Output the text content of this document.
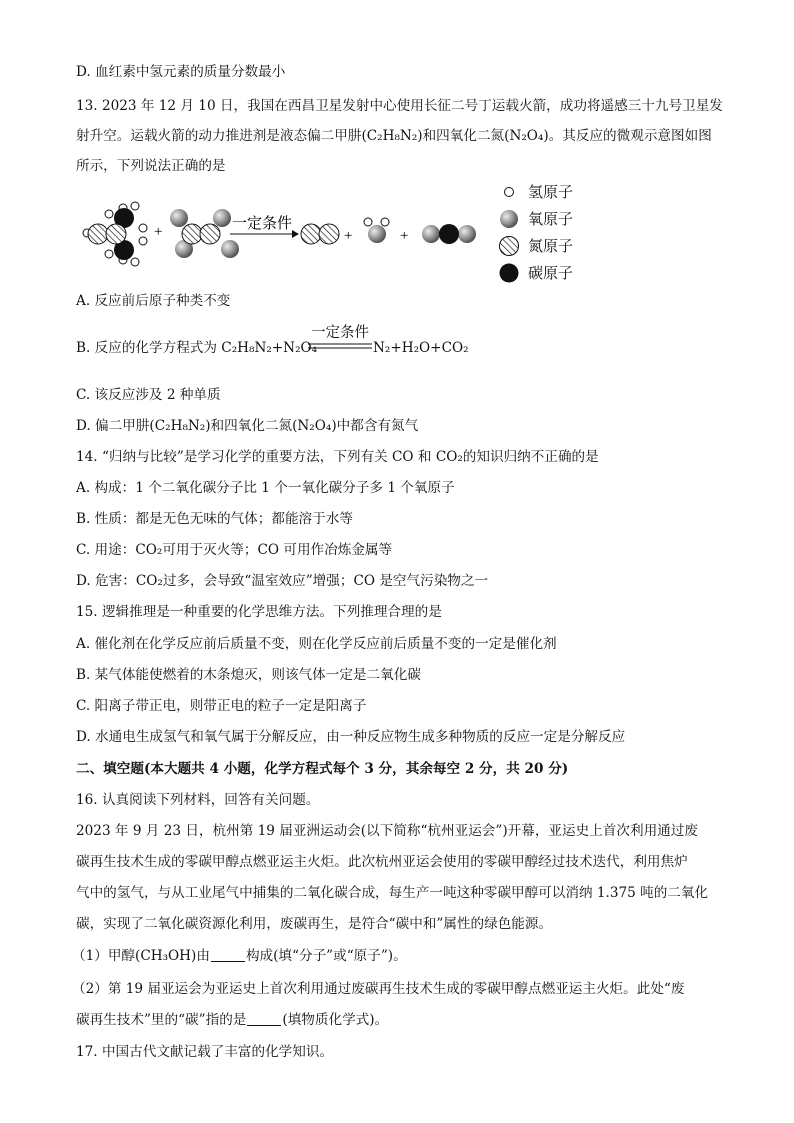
D. 血红素中氢元素的质量分数最小
13. 2023 年 12 月 10 日，我国在西昌卫星发射中心使用长征二号丁运载火箭，成功将遥感三十九号卫星发
射升空。运载火箭的动力推进剂是液态偏二甲肼(C₂H₈N₂)和四氧化二氮(N₂O₄)。其反应的微观示意图如图
所示，下列说法正确的是
+	一定条件
+	+
氢原子
氧原子
氮原子
碳原子
A. 反应前后原子种类不变
B. 反应的化学方程式为 C₂H₈N₂+N₂O₄
一定条件
N₂+H₂O+CO₂
C. 该反应涉及 2 种单质
D. 偏二甲肼(C₂H₈N₂)和四氧化二氮(N₂O₄)中都含有氮气
14. “归纳与比较”是学习化学的重要方法，下列有关 CO 和 CO₂的知识归纳不正确的是
A. 构成：1 个二氧化碳分子比 1 个一氧化碳分子多 1 个氧原子
B. 性质：都是无色无味的气体；都能溶于水等
C. 用途：CO₂可用于灭火等；CO 可用作冶炼金属等
D. 危害：CO₂过多，会导致“温室效应”增强；CO 是空气污染物之一
15. 逻辑推理是一种重要的化学思维方法。下列推理合理的是
A. 催化剂在化学反应前后质量不变，则在化学反应前后质量不变的一定是催化剂
B. 某气体能使燃着的木条熄灭，则该气体一定是二氧化碳
C. 阳离子带正电，则带正电的粒子一定是阳离子
D. 水通电生成氢气和氧气属于分解反应，由一种反应物生成多种物质的反应一定是分解反应
二、填空题(本大题共 4 小题，化学方程式每个 3 分，其余每空 2 分，共 20 分)
16. 认真阅读下列材料，回答有关问题。
2023 年 9 月 23 日，杭州第 19 届亚洲运动会(以下简称“杭州亚运会”)开幕，亚运史上首次利用通过废
碳再生技术生成的零碳甲醇点燃亚运主火炬。此次杭州亚运会使用的零碳甲醇经过技术迭代，利用焦炉
气中的氢气，与从工业尾气中捕集的二氧化碳合成，每生产一吨这种零碳甲醇可以消纳 1.375 吨的二氧化
碳，实现了二氧化碳资源化利用，废碳再生，是符合“碳中和”属性的绿色能源。
（1）甲醇(CH₃OH)由	构成(填“分子”或“原子”)。
（2）第 19 届亚运会为亚运史上首次利用通过废碳再生技术生成的零碳甲醇点燃亚运主火炬。此处“废
碳再生技术”里的“碳”指的是	(填物质化学式)。
17. 中国古代文献记载了丰富的化学知识。
